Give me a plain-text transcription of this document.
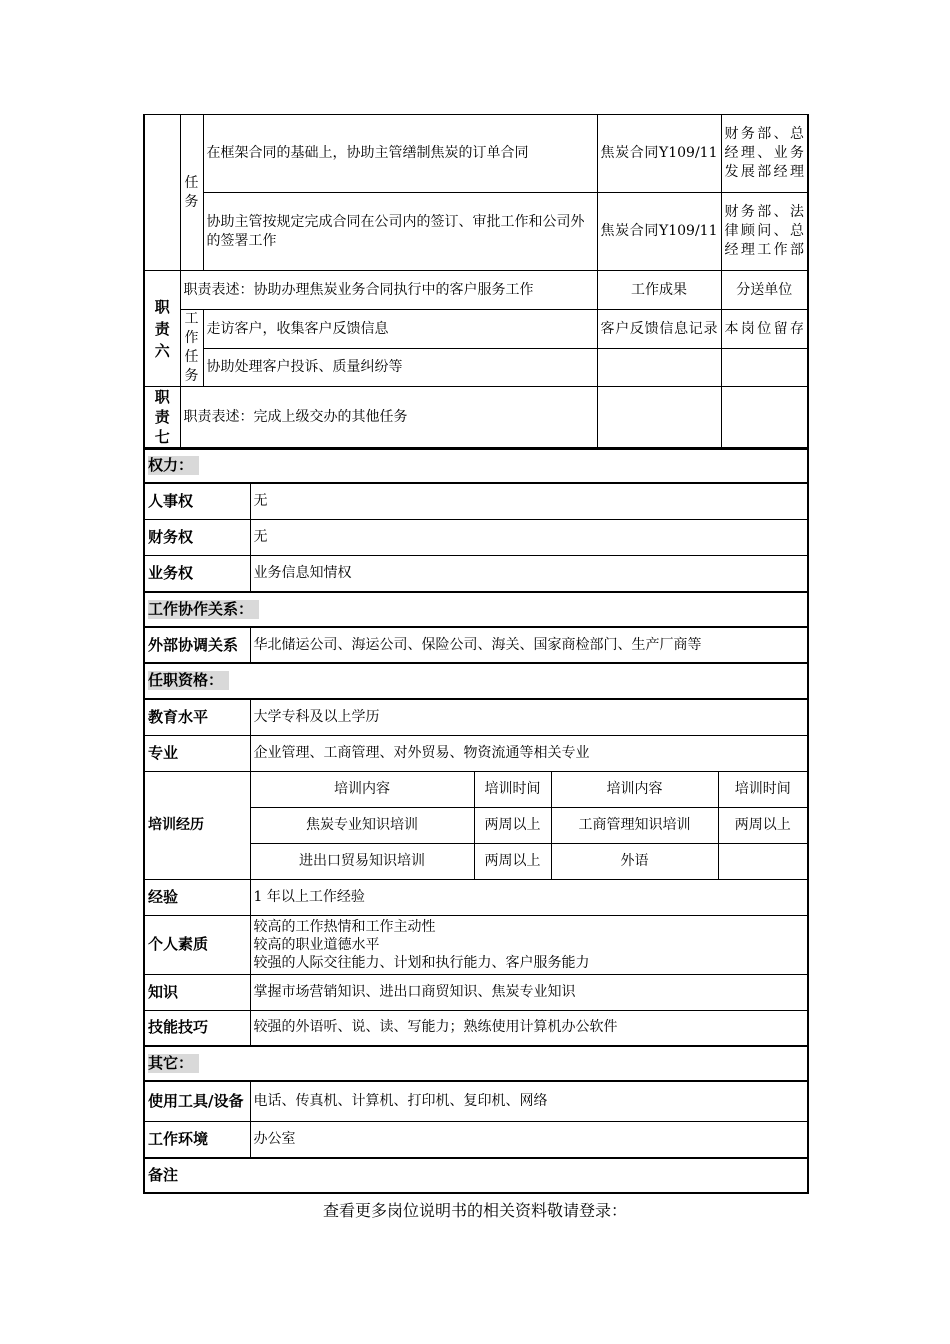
	任务	在框架合同的基础上，协助主管缮制焦炭的订单合同	焦炭合同Y109/11	财务部、总经理、业务发展部经理
		协助主管按规定完成合同在公司内的签订、审批工作和公司外的签署工作	焦炭合同Y109/11	财务部、法律顾问、总经理工作部

职责六	职责表述：协助办理焦炭业务合同执行中的客户服务工作		工作成果	分送单位

	工作任务	走访客户，收集客户反馈信息	客户反馈信息记录	本岗位留存
		协助处理客户投诉、质量纠纷等		

职责七	职责表述：完成上级交办的其他任务			
权力：				
人事权	无			
财务权	无			
业务权	业务信息知情权			
工作协作关系：				
外部协调关系	华北储运公司、海运公司、保险公司、海关、国家商检部门、生产厂商等			
任职资格：				
教育水平	大学专科及以上学历			
专业	企业管理、工商管理、对外贸易、物资流通等相关专业			
培训经历	培训内容	培训时间	培训内容	培训时间
	焦炭专业知识培训	两周以上	工商管理知识培训	两周以上
	进出口贸易知识培训	两周以上	外语	
经验	1 年以上工作经验			
个人素质	较高的工作热情和工作主动性
较高的职业道德水平
较强的人际交往能力、计划和执行能力、客户服务能力			

知识	掌握市场营销知识、进出口商贸知识、焦炭专业知识			
技能技巧	较强的外语听、说、读、写能力；熟练使用计算机办公软件			
其它：				
使用工具/设备	电话、传真机、计算机、打印机、复印机、网络			
工作环境	办公室			
备注				
查看更多岗位说明书的相关资料敬请登录：
